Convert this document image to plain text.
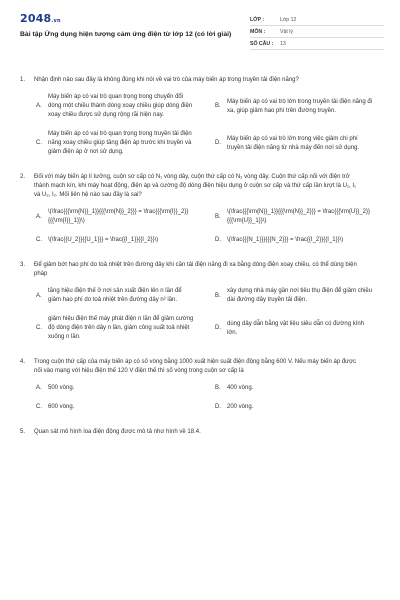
2048.vn
Bài tập Ứng dụng hiện tượng cảm ứng điện từ lớp 12 (có lời giải)
LỚP :	Lớp 12
MÔN :	Vật lý
SỐ CÂU :	13
1.	Nhận định nào sau đây là không đúng khi nói về vai trò của máy biến áp trong truyền tải điện năng?
A.
Máy biến áp có vai trò quan trọng trong chuyển đổi dòng một chiều thành dòng xoay chiều giúp dòng điện xoay chiều được sử dụng rộng rãi hiện nay.
B.
Máy biến áp có vai trò lớn trong truyền tải điện năng đi xa, giúp giảm hao phí trên đường truyền.
C.
Máy biến áp có vai trò quan trọng trong truyền tải điện năng xoay chiều giúp tăng điện áp trước khi truyền và giảm điện áp ở nơi sử dụng.
D.
Máy biến áp có vai trò lớn trong việc giảm chi phí truyền tải điện năng từ nhà máy đến nơi sử dụng.
2.	Đối với máy biến áp lí tưởng, cuộn sơ cấp có N₁ vòng dây, cuộn thứ cấp có N₂ vòng dây. Cuộn thứ cấp nối với điện trở thành mạch kín, khi máy hoạt động, điện áp và cường độ dòng điện hiệu dụng ở cuộn sơ cấp và thứ cấp lần lượt là U₁, I₁ và U₂, I₂. Mối liên hệ nào sau đây là sai?
A.
\(\frac{{{\rm{N}}_1}}{{{\rm{N}}_2}}} = \frac{{{\rm{I}}_2}}{{{\rm{I}}_1}}\)
B.
\(\frac{{{\rm{N}}_1}}{{{\rm{N}}_2}}} = \frac{{{\rm{U}}_2}}{{{\rm{U}}_1}}\)
C.	\(\frac{{U_2}}{{U_1}}} = \frac{{I_1}}{{I_2}}\)	D.	\(\frac{{{N_1}}}{{{N_2}}} = \frac{{I_2}}{{I_1}}\)
3.	Để giảm bớt hao phí do toả nhiệt trên đường dây khi cần tải điện năng đi xa bằng dòng điện xoay chiều, có thể dùng biện pháp
A.
tăng hiệu điện thế ở nơi sản xuất điện lên n lần để giảm hao phí do toả nhiệt trên đường dây n² lần.
B.
xây dựng nhà máy gần nơi tiêu thụ điện để giảm chiều dài đường dây truyền tải điện.
C.
giảm hiệu điện thế máy phát điện n lần để giảm cường độ dòng điện trên dây n lần, giảm công suất toả nhiệt xuống n lần.
D.
dùng dây dẫn bằng vật liệu siêu dẫn có đường kính lớn.
4.	Trong cuộn thứ cấp của máy biến áp có số vòng bằng 1000 xuất hiện suất điện động bằng 600 V. Nếu máy biến áp được nối vào mạng với hiệu điện thế 120 V điện thế thì số vòng trong cuộn sơ cấp là
A.	500 vòng.	B.	400 vòng.
C.	600 vòng.	D.	200 vòng.
5.	Quan sát mô hình loa điện động được mô tả như hình về 18.4.
